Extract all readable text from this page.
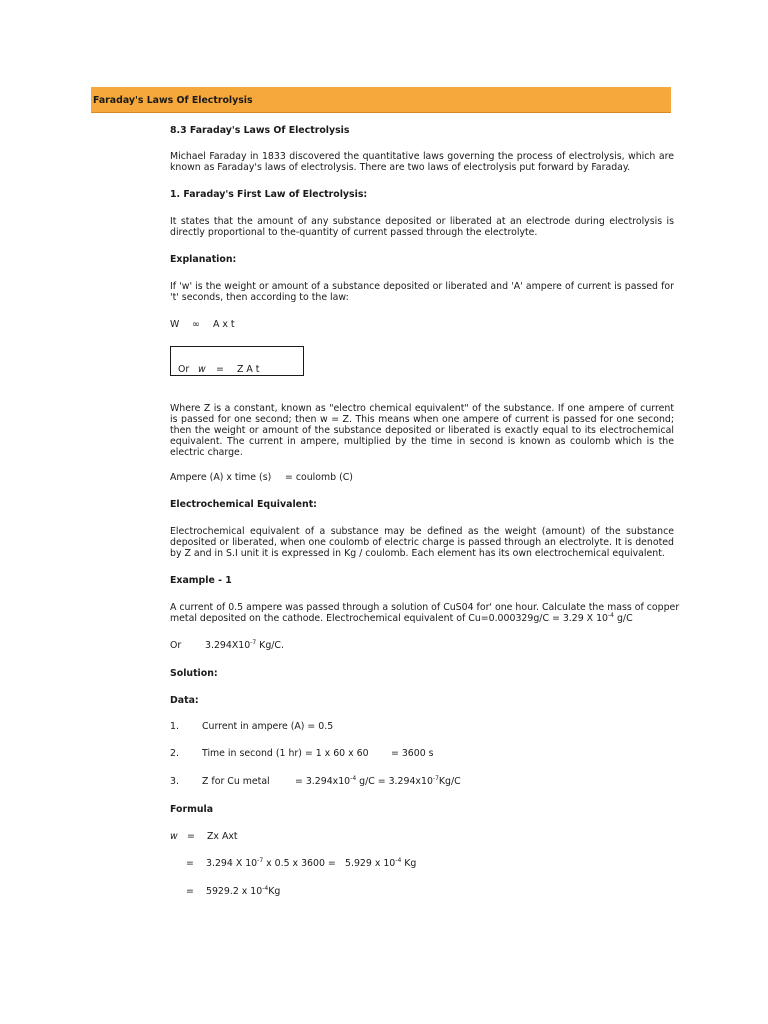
Faraday's Laws Of Electrolysis
8.3 Faraday's Laws Of Electrolysis
Michael Faraday in 1833 discovered the quantitative laws governing the process of electrolysis, which are known as Faraday's laws of electrolysis. There are two laws of electrolysis put forward by Faraday.
1. Faraday's First Law of Electrolysis:
It states that the amount of any substance deposited or liberated at an electrode during electrolysis is directly proportional to the-quantity of current passed through the electrolyte.
Explanation:
If 'w' is the weight or amount of a substance deposited or liberated and 'A' ampere of current is passed for 't' seconds, then according to the law:
W ∞ A x t
Or w = Z A t
Where Z is a constant, known as "electro chemical equivalent" of the substance. If one ampere of current is passed for one second; then w = Z. This means when one ampere of current is passed for one second; then the weight or amount of the substance deposited or liberated is exactly equal to its electrochemical equivalent. The current in ampere, multiplied by the time in second is known as coulomb which is the electric charge.
Ampere (A) x time (s) = coulomb (C)
Electrochemical Equivalent:
Electrochemical equivalent of a substance may be defined as the weight (amount) of the substance deposited or liberated, when one coulomb of electric charge is passed through an electrolyte. It is denoted by Z and in S.I unit it is expressed in Kg / coulomb. Each element has its own electrochemical equivalent.
Example - 1
A current of 0.5 ampere was passed through a solution of CuS04 for' one hour. Calculate the mass of copper
metal deposited on the cathode. Electrochemical equivalent of Cu=0.000329g/C = 3.29 X $10^{-4}$ g/C
Or	$3.294X10^{-7}$ Kg/C.
Solution:
Data:
1. Current in ampere (A) = 0.5
2. Time in second (1 hr) = 1 x 60 x 60 = 3600 s
3. Z for Cu metal	= $3.294x10^{-4}$ $g/C = 3.294x10^{-7}Kg/C$
Formula
w = Zx Axt
= 3.294 X $10^{-7}$ x 0.5 x 3600 = 5.929 x $10^{-4}$ Kg
= 5929.2 x $10^{-4}Kg$
